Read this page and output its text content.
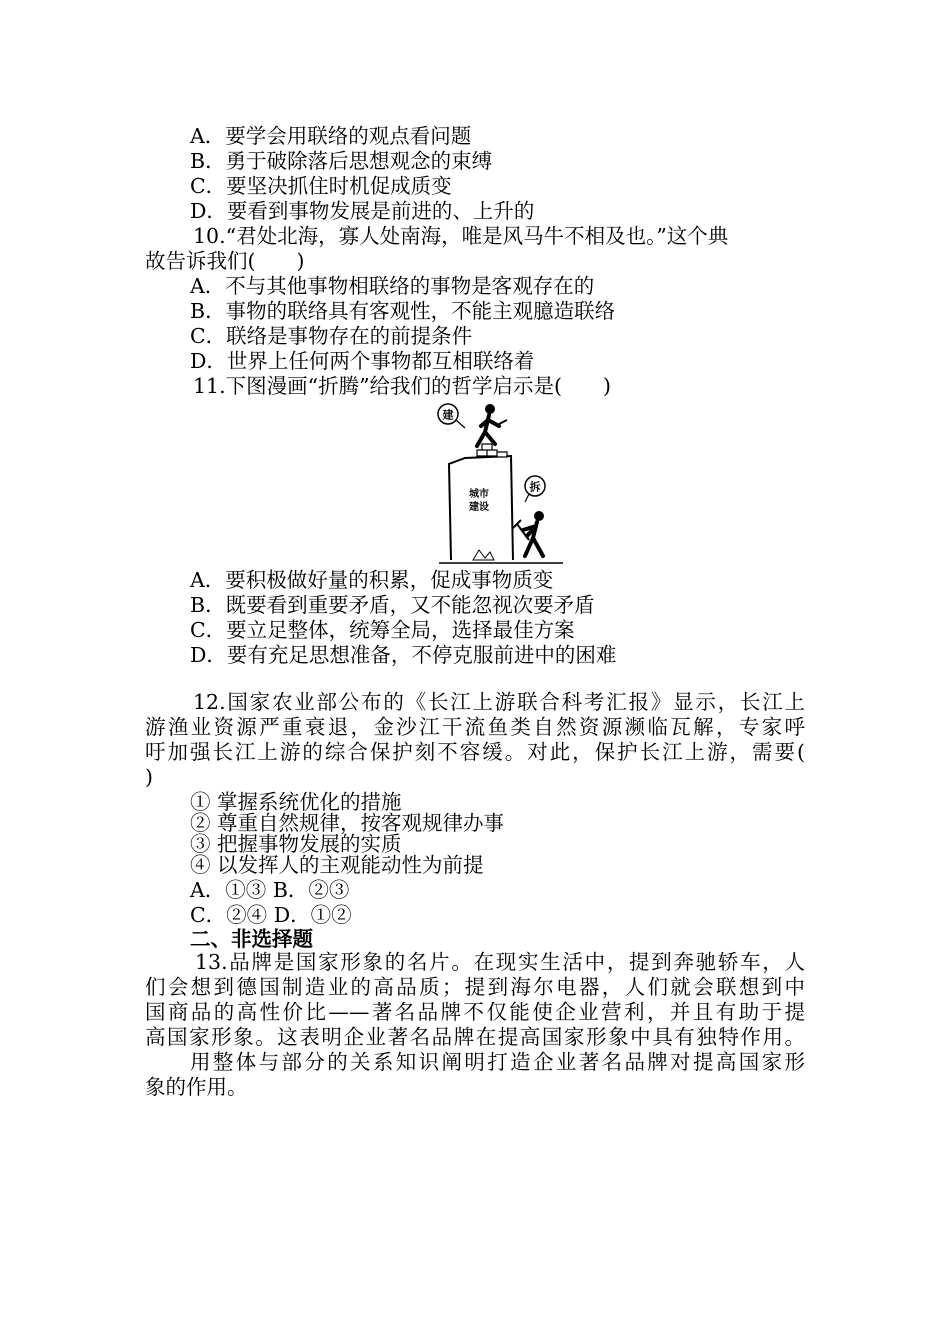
A．要学会用联络的观点看问题
B．勇于破除落后思想观念的束缚
C．要坚决抓住时机促成质变
D．要看到事物发展是前进的、上升的
10.“君处北海，寡人处南海，唯是风马牛不相及也。”这个典
故告诉我们(　　)
A．不与其他事物相联络的事物是客观存在的
B．事物的联络具有客观性，不能主观臆造联络
C．联络是事物存在的前提条件
D．世界上任何两个事物都互相联络着
11.下图漫画“折腾”给我们的哲学启示是(　　)
建
城市
建设
拆
A．要积极做好量的积累，促成事物质变
B．既要看到重要矛盾，又不能忽视次要矛盾
C．要立足整体，统筹全局，选择最佳方案
D．要有充足思想准备，不停克服前进中的困难
12.国家农业部公布的《长江上游联合科考汇报》显示，长江上
游渔业资源严重衰退，金沙江干流鱼类自然资源濒临瓦解，专家呼
吁加强长江上游的综合保护刻不容缓。对此，保护长江上游，需要(
)
① 掌握系统优化的措施
② 尊重自然规律，按客观规律办事
③ 把握事物发展的实质
④ 以发挥人的主观能动性为前提
A．①③ B．②③
C．②④ D．①②
二、非选择题
13.品牌是国家形象的名片。在现实生活中，提到奔驰轿车，人
们会想到德国制造业的高品质；提到海尔电器，人们就会联想到中
国商品的高性价比——著名品牌不仅能使企业营利，并且有助于提
高国家形象。这表明企业著名品牌在提高国家形象中具有独特作用。
用整体与部分的关系知识阐明打造企业著名品牌对提高国家形
象的作用。
